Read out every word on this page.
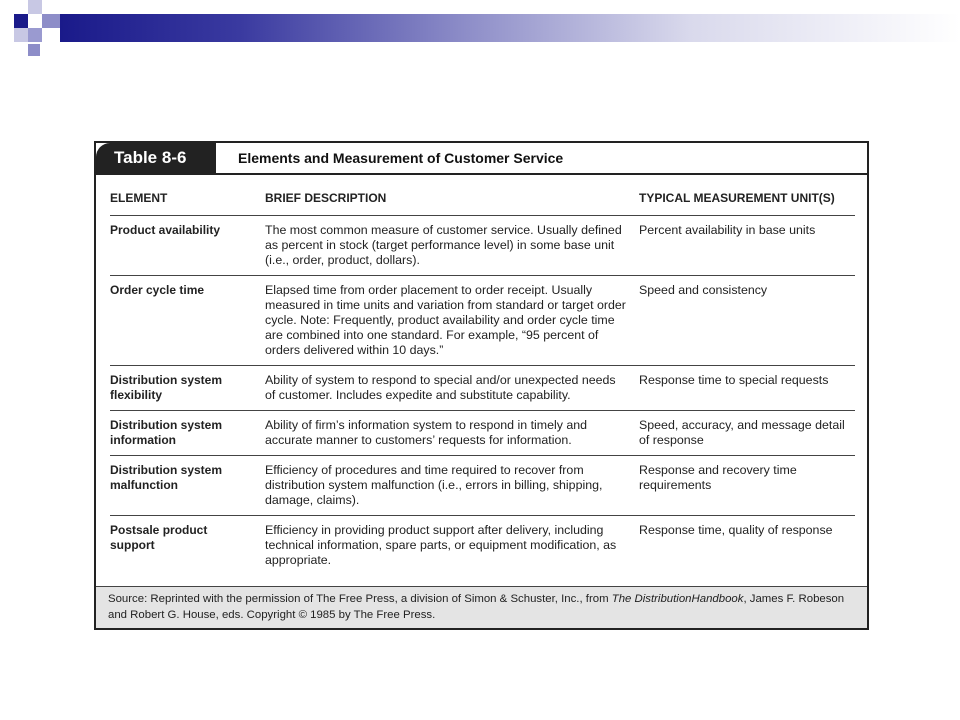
Table 8-6	Elements and Measurement of Customer Service
ELEMENT	BRIEF DESCRIPTION	TYPICAL MEASUREMENT UNIT(S)
Product availability	The most common measure of customer service. Usually defined as percent in stock (target performance level) in some base unit (i.e., order, product, dollars).	Percent availability in base units
Order cycle time	Elapsed time from order placement to order receipt. Usually measured in time units and variation from standard or target order cycle. Note: Frequently, product availability and order cycle time are combined into one standard. For example, “95 percent of orders delivered within 10 days.”	Speed and consistency
Distribution system flexibility	Ability of system to respond to special and/or unexpected needs of customer. Includes expedite and substitute capability.	Response time to special requests
Distribution system information	Ability of firm’s information system to respond in timely and accurate manner to customers’ requests for information.	Speed, accuracy, and message detail of response
Distribution system malfunction	Efficiency of procedures and time required to recover from distribution system malfunction (i.e., errors in billing, shipping, damage, claims).	Response and recovery time requirements
Postsale product support	Efficiency in providing product support after delivery, including technical information, spare parts, or equipment modification, as appropriate.	Response time, quality of response
Source: Reprinted with the permission of The Free Press, a division of Simon & Schuster, Inc., from The DistributionHandbook, James F. Robeson and Robert G. House, eds. Copyright © 1985 by The Free Press.
